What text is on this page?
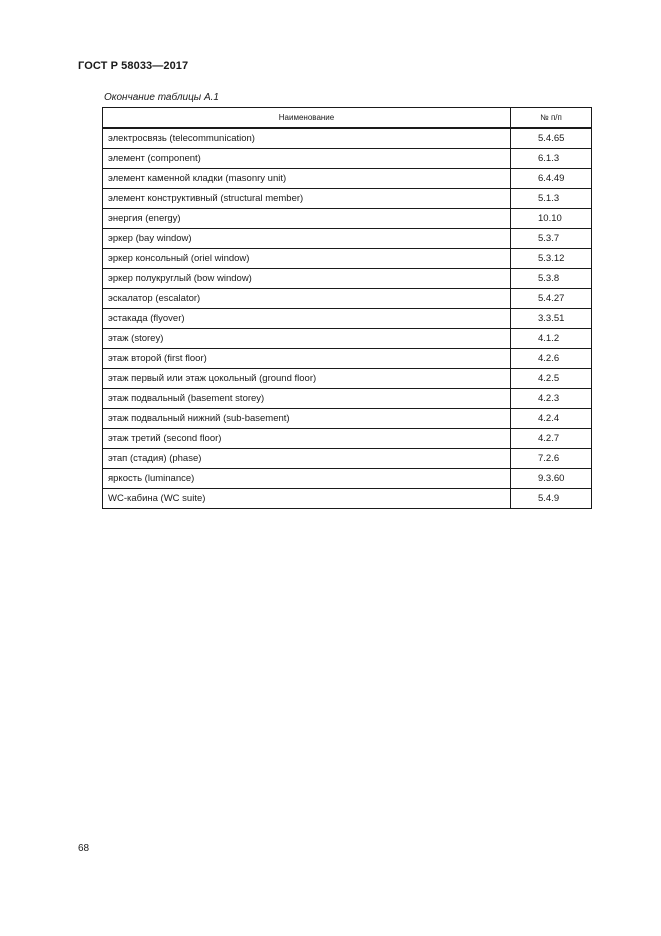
ГОСТ Р 58033—2017
Окончание таблицы А.1
Наименование	№ п/п
электросвязь (telecommunication)	5.4.65
элемент (component)	6.1.3
элемент каменной кладки (masonry unit)	6.4.49
элемент конструктивный (structural member)	5.1.3
энергия (energy)	10.10
эркер (bay window)	5.3.7
эркер консольный (oriel window)	5.3.12
эркер полукруглый (bow window)	5.3.8
эскалатор (escalator)	5.4.27
эстакада (flyover)	3.3.51
этаж (storey)	4.1.2
этаж второй (first floor)	4.2.6
этаж первый или этаж цокольный (ground floor)	4.2.5
этаж подвальный (basement storey)	4.2.3
этаж подвальный нижний (sub-basement)	4.2.4
этаж третий (second floor)	4.2.7
этап (стадия) (phase)	7.2.6
яркость (luminance)	9.3.60
WC-кабина (WC suite)	5.4.9
68
